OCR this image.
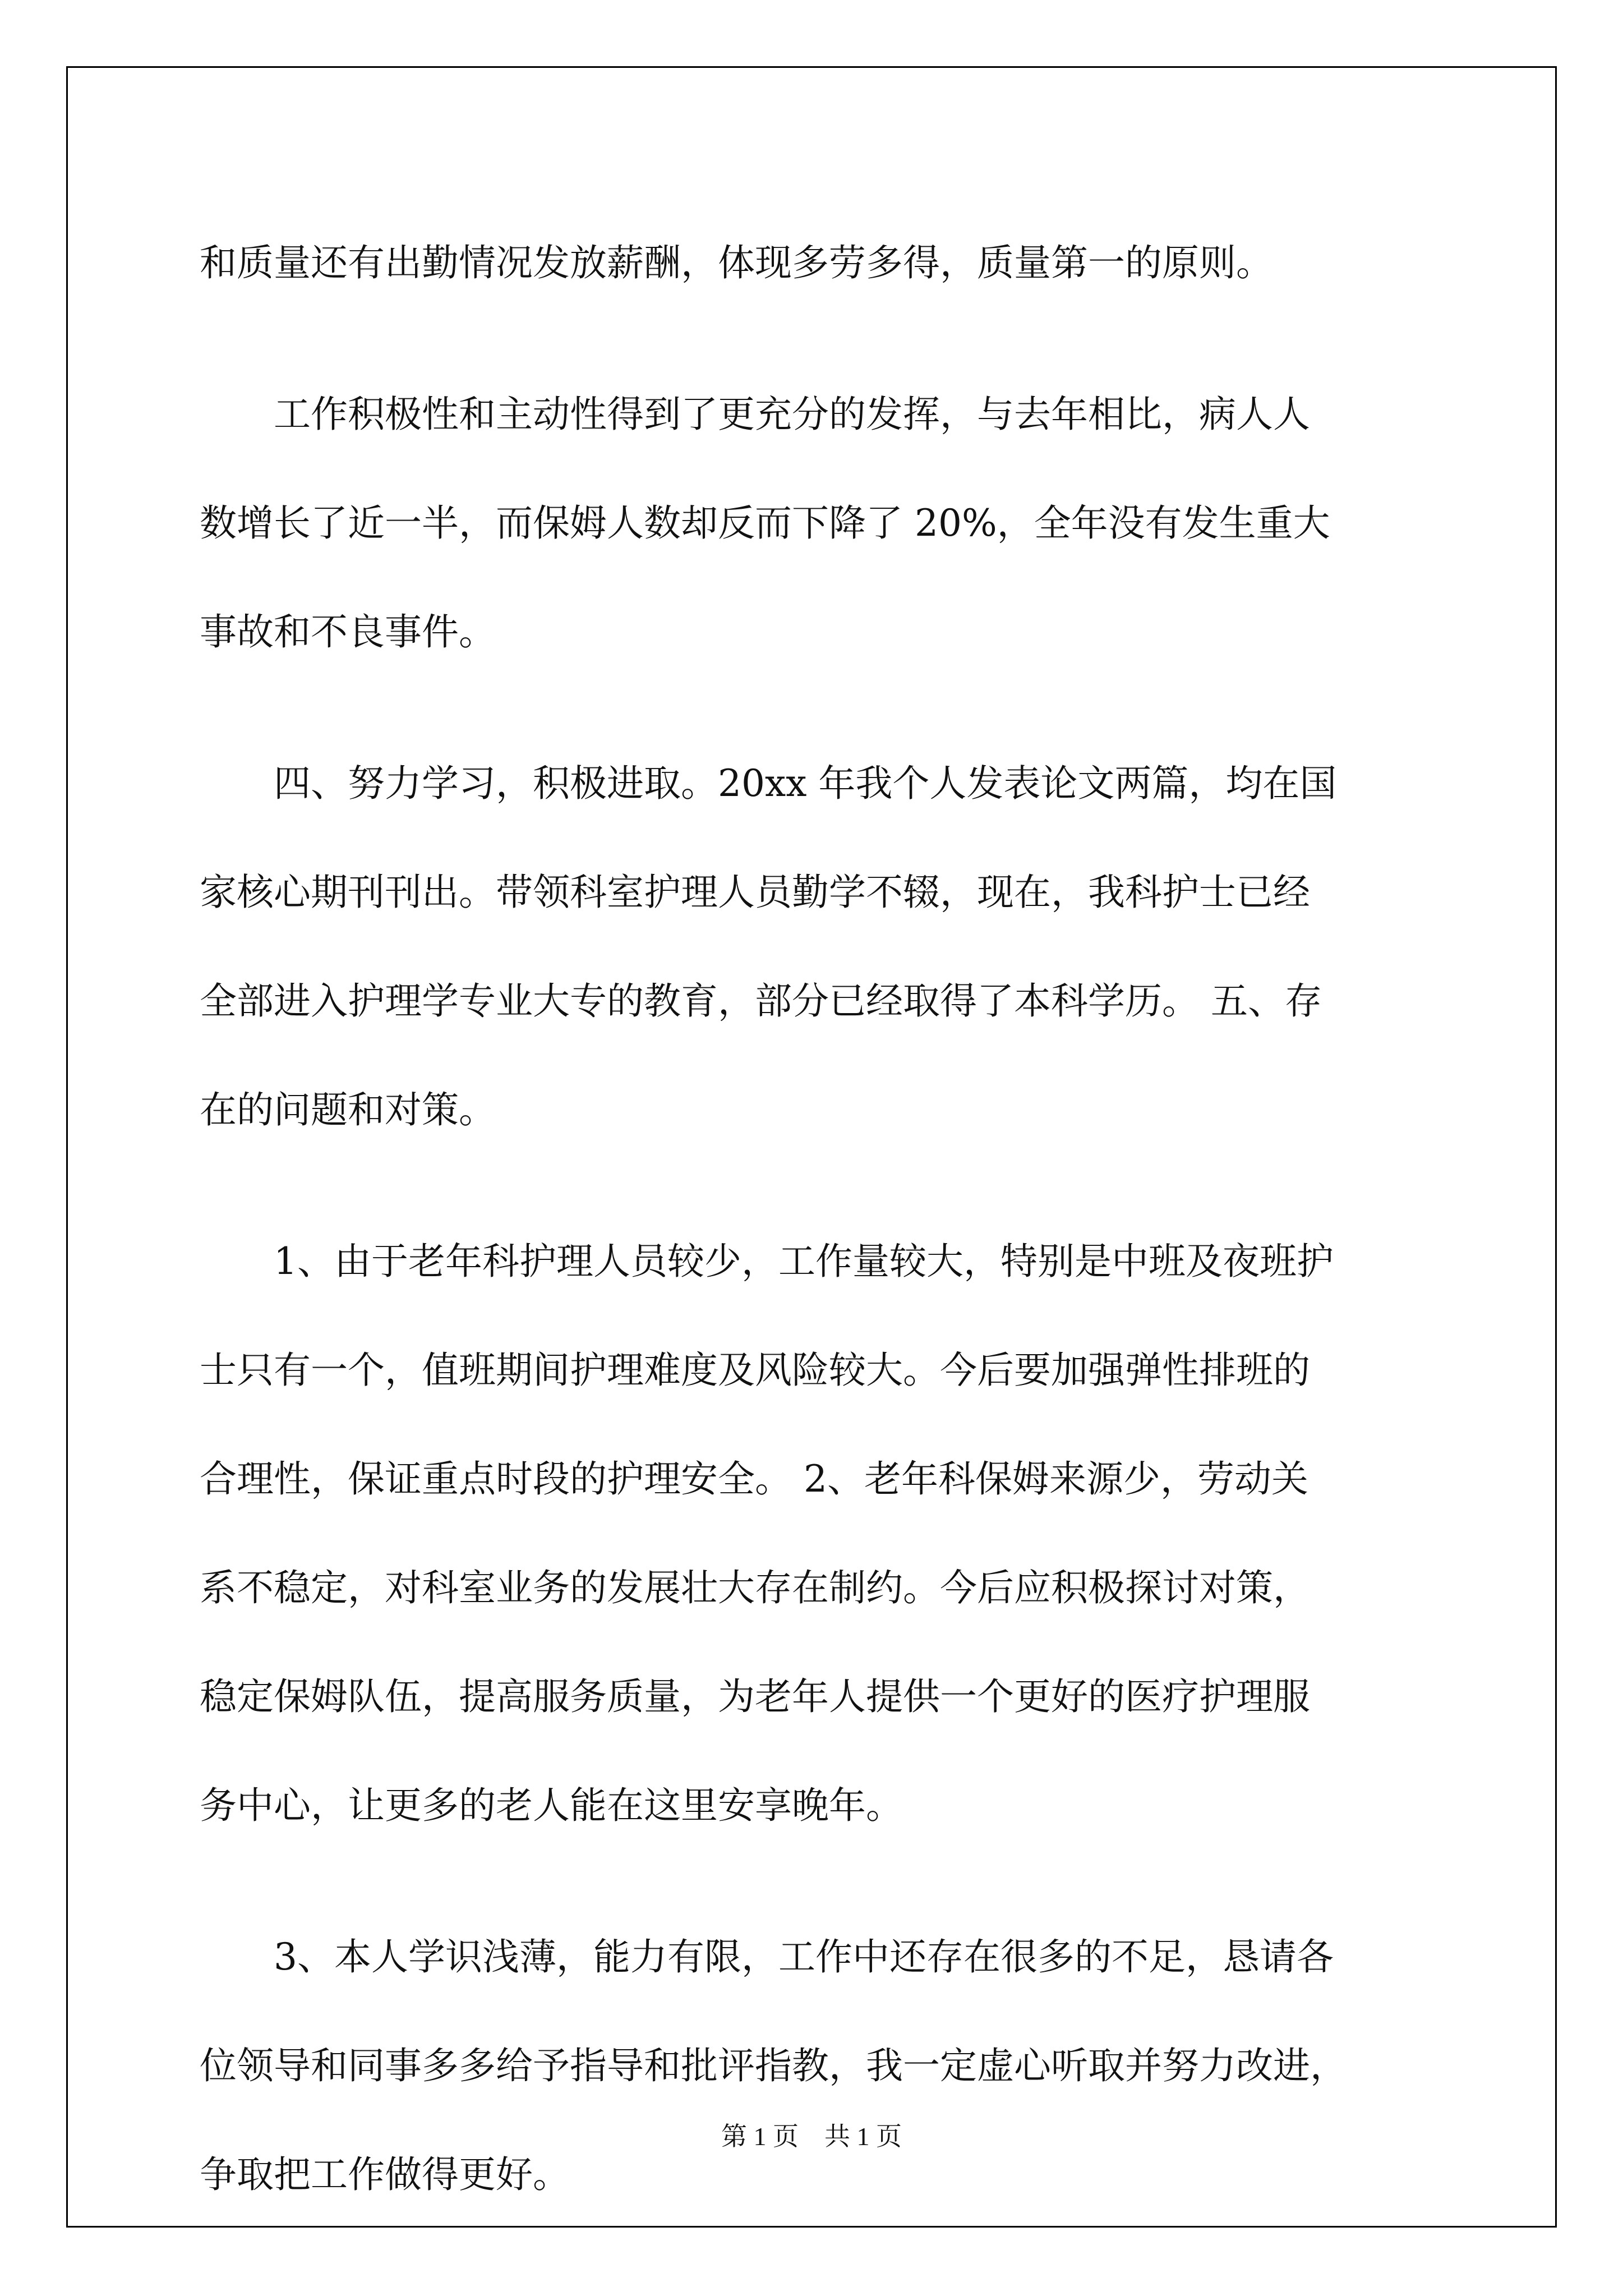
和质量还有出勤情况发放薪酬，体现多劳多得，质量第一的原则。
　　工作积极性和主动性得到了更充分的发挥，与去年相比，病人人
数增长了近一半，而保姆人数却反而下降了 20%，全年没有发生重大
事故和不良事件。
　　四、努力学习，积极进取。20xx 年我个人发表论文两篇，均在国
家核心期刊刊出。带领科室护理人员勤学不辍，现在，我科护士已经
全部进入护理学专业大专的教育，部分已经取得了本科学历。 五、存
在的问题和对策。
　　1、由于老年科护理人员较少，工作量较大，特别是中班及夜班护
士只有一个，值班期间护理难度及风险较大。今后要加强弹性排班的
合理性，保证重点时段的护理安全。 2、老年科保姆来源少，劳动关
系不稳定，对科室业务的发展壮大存在制约。今后应积极探讨对策，
稳定保姆队伍，提高服务质量，为老年人提供一个更好的医疗护理服
务中心，让更多的老人能在这里安享晚年。
　　3、本人学识浅薄，能力有限，工作中还存在很多的不足，恳请各
位领导和同事多多给予指导和批评指教，我一定虚心听取并努力改进，
争取把工作做得更好。
第 1 页　共 1 页
